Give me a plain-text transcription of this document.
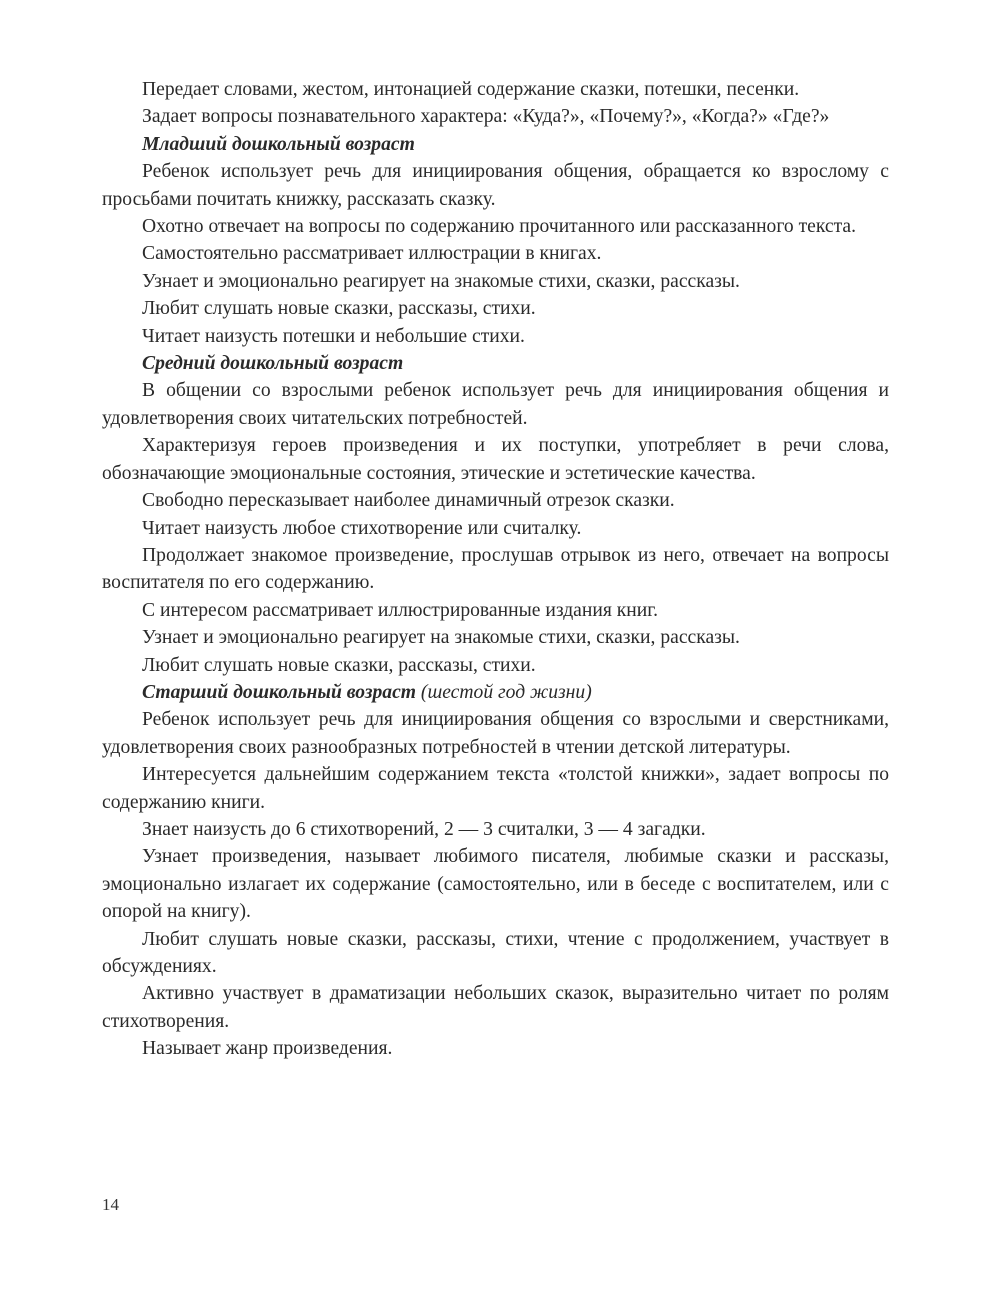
Передает словами, жестом, интонацией содержание сказки, потешки, песенки.

Задает вопросы познавательного характера: «Куда?», «Почему?», «Когда?» «Где?»

Младший дошкольный возраст

Ребенок использует речь для инициирования общения, обращается ко взрослому с просьбами почитать книжку, рассказать сказку.

Охотно отвечает на вопросы по содержанию прочитанного или рассказанного текста.

Самостоятельно рассматривает иллюстрации в книгах.

Узнает и эмоционально реагирует на знакомые стихи, сказки, рассказы.

Любит слушать новые сказки, рассказы, стихи.

Читает наизусть потешки и небольшие стихи.

Средний дошкольный возраст

В общении со взрослыми ребенок использует речь для инициирования общения и удовлетворения своих читательских потребностей.

Характеризуя героев произведения и их поступки, употребляет в речи слова, обозначающие эмоциональные состояния, этические и эстетические качества.

Свободно пересказывает наиболее динамичный отрезок сказки.

Читает наизусть любое стихотворение или считалку.

Продолжает знакомое произведение, прослушав отрывок из него, отвечает на вопросы воспитателя по его содержанию.

С интересом рассматривает иллюстрированные издания книг.

Узнает и эмоционально реагирует на знакомые стихи, сказки, рассказы.

Любит слушать новые сказки, рассказы, стихи.

Старший дошкольный возраст (шестой год жизни)

Ребенок использует речь для инициирования общения со взрослыми и сверстниками, удовлетворения своих разнообразных потребностей в чтении детской литературы.

Интересуется дальнейшим содержанием текста «толстой книжки», задает вопросы по содержанию книги.

Знает наизусть до 6 стихотворений, 2 — 3 считалки, 3 — 4 загадки.

Узнает произведения, называет любимого писателя, любимые сказки и рассказы, эмоционально излагает их содержание (самостоятельно, или в беседе с воспитателем, или с опорой на книгу).

Любит слушать новые сказки, рассказы, стихи, чтение с продолжением, участвует в обсуждениях.

Активно участвует в драматизации небольших сказок, выразительно читает по ролям стихотворения.

Называет жанр произведения.

14
